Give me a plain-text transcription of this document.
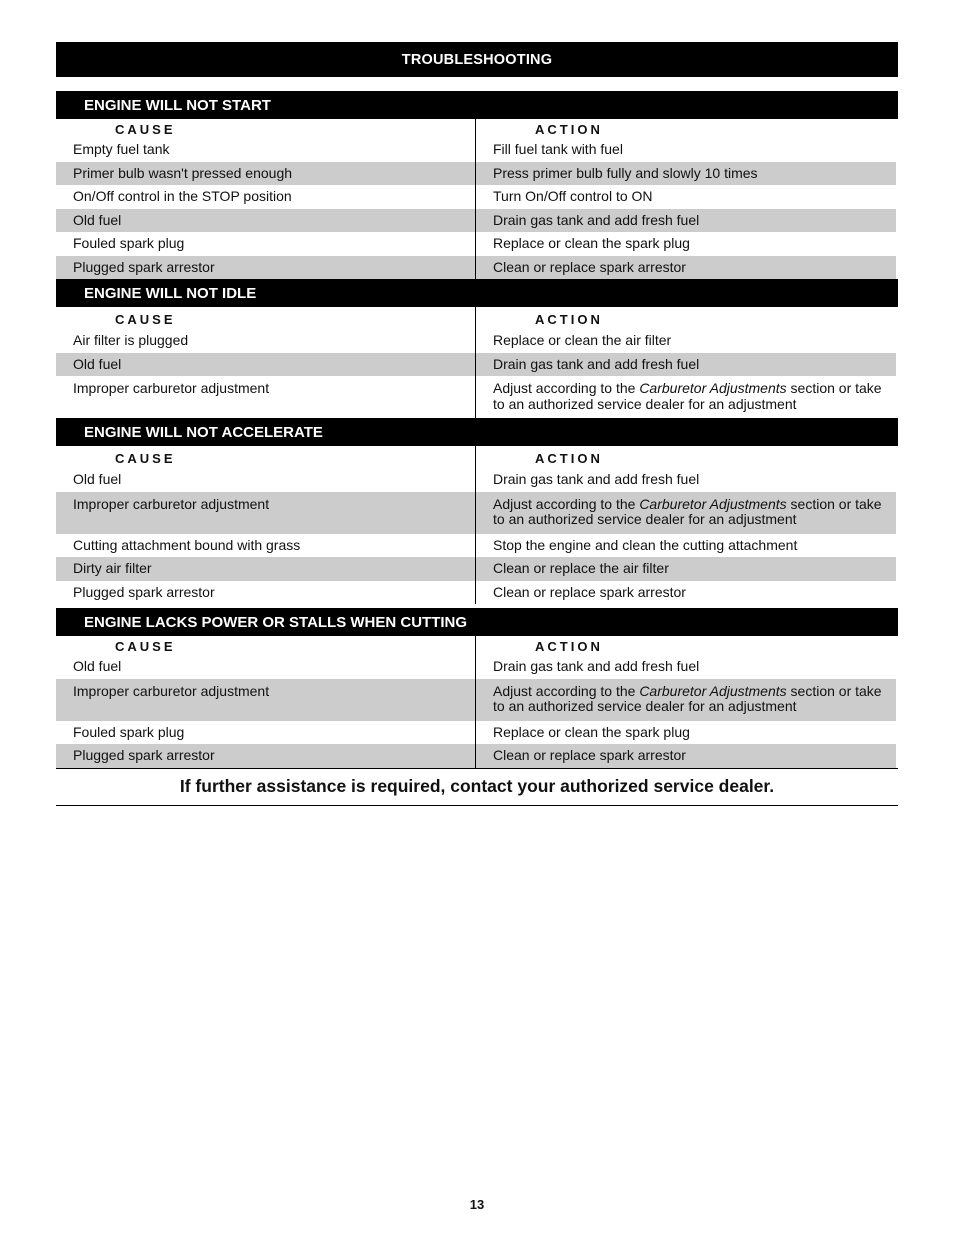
TROUBLESHOOTING
ENGINE WILL NOT START
CAUSE	ACTION
Empty fuel tank	Fill fuel tank with fuel
Primer bulb wasn't pressed enough	Press primer bulb fully and slowly 10 times
On/Off control in the STOP position	Turn On/Off control to ON
Old fuel	Drain gas tank and add fresh fuel
Fouled spark plug	Replace or clean the spark plug
Plugged spark arrestor	Clean or replace spark arrestor
ENGINE WILL NOT IDLE
CAUSE	ACTION
Air filter is plugged	Replace or clean the air filter
Old fuel	Drain gas tank and add fresh fuel
Improper carburetor adjustment	Adjust according to the Carburetor Adjustments section or take to an authorized service dealer for an adjustment
ENGINE WILL NOT ACCELERATE
CAUSE	ACTION
Old fuel	Drain gas tank and add fresh fuel
Improper carburetor adjustment	Adjust according to the Carburetor Adjustments section or take to an authorized service dealer for an adjustment
Cutting attachment bound with grass	Stop the engine and clean the cutting attachment
Dirty air filter	Clean or replace the air filter
Plugged spark arrestor	Clean or replace spark arrestor
ENGINE LACKS POWER OR STALLS WHEN CUTTING
CAUSE	ACTION
Old fuel	Drain gas tank and add fresh fuel
Improper carburetor adjustment	Adjust according to the Carburetor Adjustments section or take to an authorized service dealer for an adjustment
Fouled spark plug	Replace or clean the spark plug
Plugged spark arrestor	Clean or replace spark arrestor
If further assistance is required, contact your authorized service dealer.
13
